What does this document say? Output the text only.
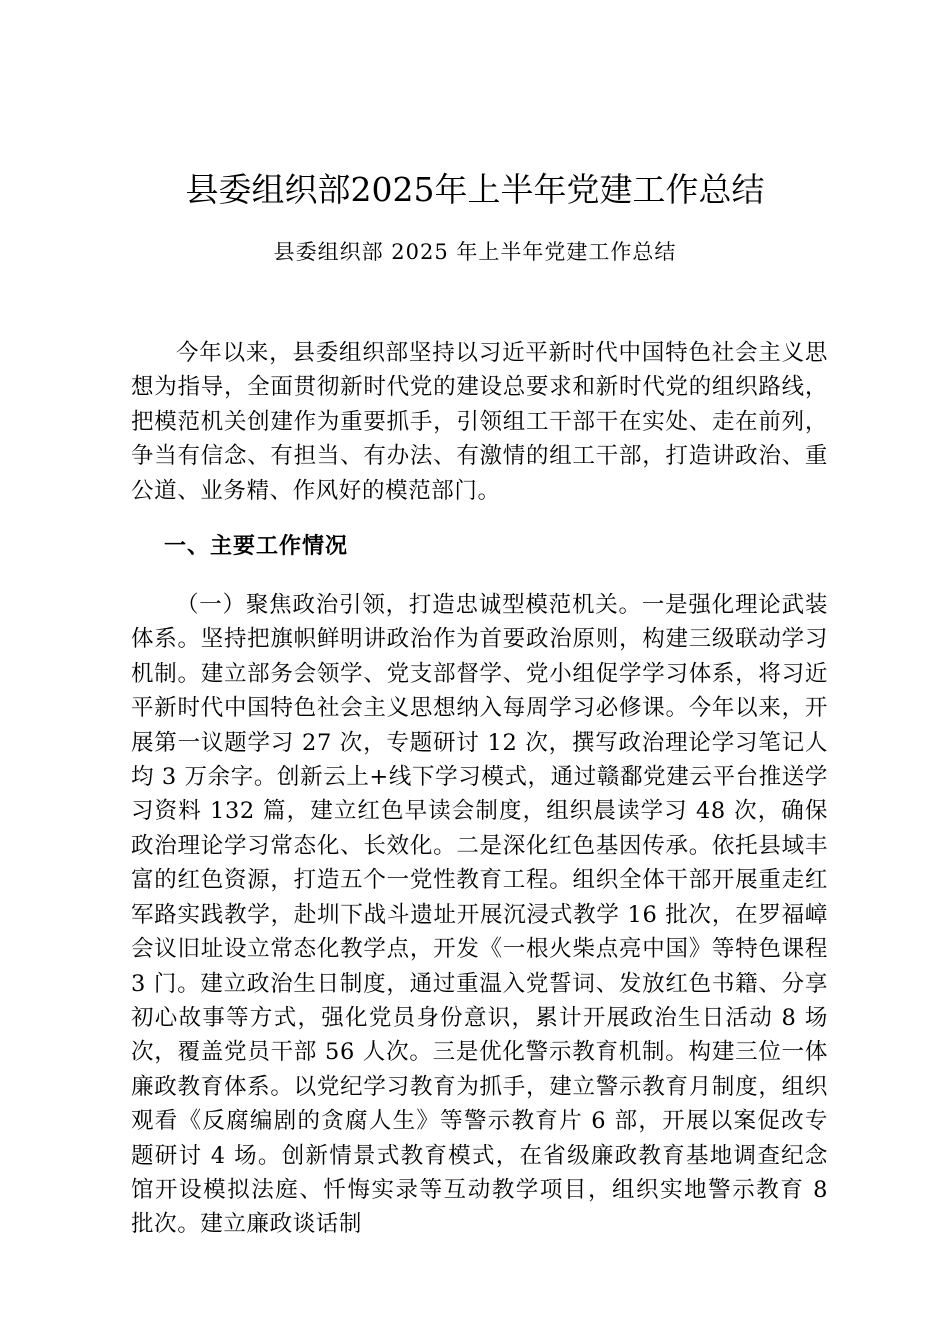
县委组织部2025年上半年党建工作总结
县委组织部 2025 年上半年党建工作总结

今年以来，县委组织部坚持以习近平新时代中国特色社会主义思想为指导，全面贯彻新时代党的建设总要求和新时代党的组织路线，把模范机关创建作为重要抓手，引领组工干部干在实处、走在前列，争当有信念、有担当、有办法、有激情的组工干部，打造讲政治、重公道、业务精、作风好的模范部门。

一、主要工作情况

（一）聚焦政治引领，打造忠诚型模范机关。一是强化理论武装体系。坚持把旗帜鲜明讲政治作为首要政治原则，构建三级联动学习机制。建立部务会领学、党支部督学、党小组促学学习体系，将习近平新时代中国特色社会主义思想纳入每周学习必修课。今年以来，开展第一议题学习 27 次，专题研讨 12 次，撰写政治理论学习笔记人均 3 万余字。创新云上+线下学习模式，通过赣鄱党建云平台推送学习资料 132 篇，建立红色早读会制度，组织晨读学习 48 次，确保政治理论学习常态化、长效化。二是深化红色基因传承。依托县域丰富的红色资源，打造五个一党性教育工程。组织全体干部开展重走红军路实践教学，赴圳下战斗遗址开展沉浸式教学 16 批次，在罗福嶂会议旧址设立常态化教学点，开发《一根火柴点亮中国》等特色课程 3 门。建立政治生日制度，通过重温入党誓词、发放红色书籍、分享初心故事等方式，强化党员身份意识，累计开展政治生日活动 8 场次，覆盖党员干部 56 人次。三是优化警示教育机制。构建三位一体廉政教育体系。以党纪学习教育为抓手，建立警示教育月制度，组织观看《反腐编剧的贪腐人生》等警示教育片 6 部，开展以案促改专题研讨 4 场。创新情景式教育模式，在省级廉政教育基地调查纪念馆开设模拟法庭、忏悔实录等互动教学项目，组织实地警示教育 8 批次。建立廉政谈话制
